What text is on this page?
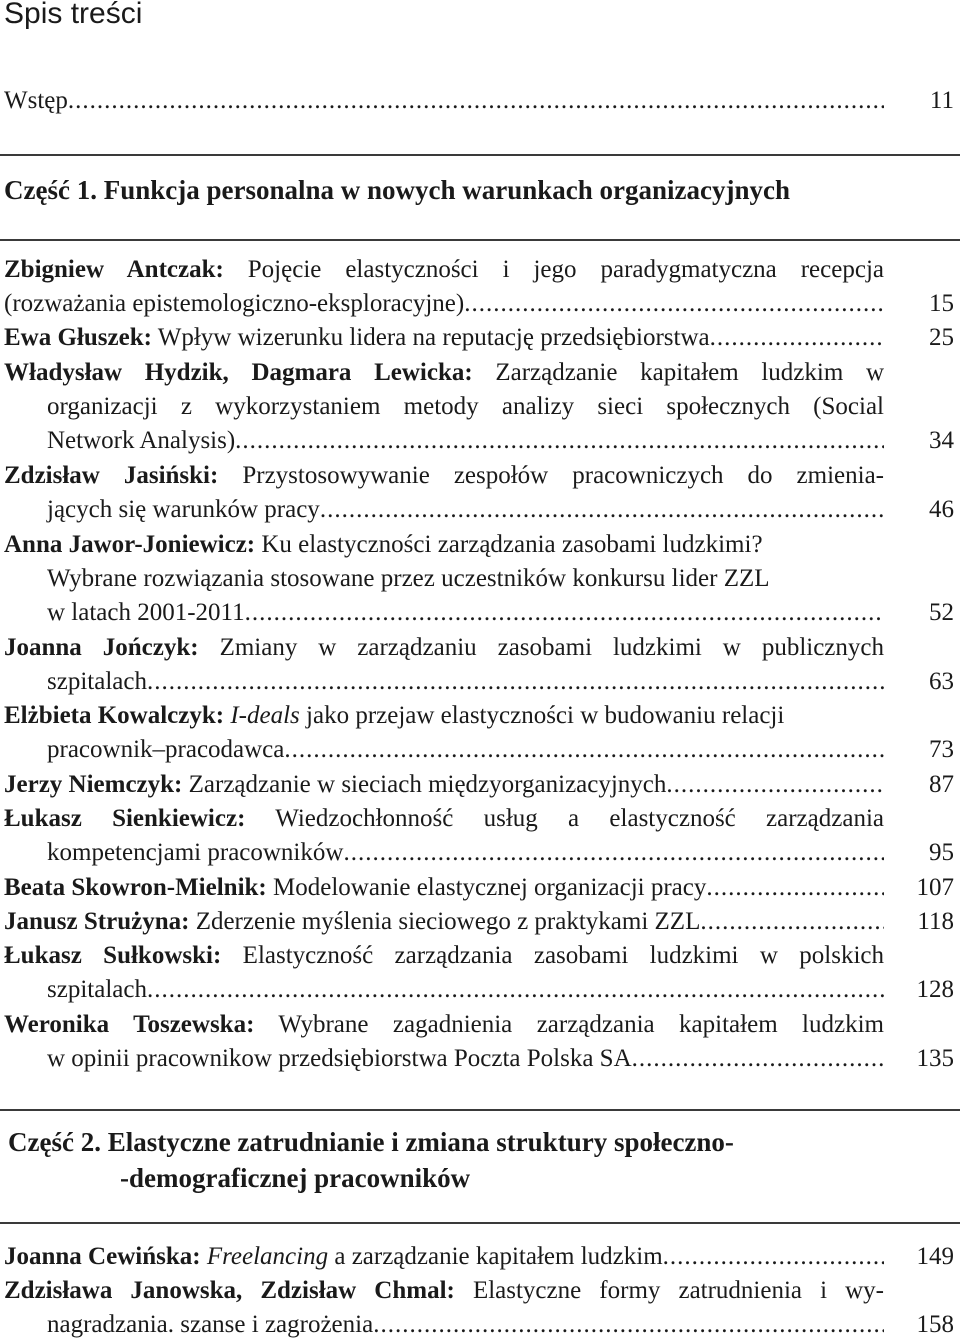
Spis treści
Wstęp .....	11
Część 1. Funkcja personalna w nowych warunkach organizacyjnych
Zbigniew Antczak: Pojęcie elastyczności i jego paradygmatyczna recepcja
(rozważania epistemologiczno-eksploracyjne) .....	15
Ewa Głuszek: Wpływ wizerunku lidera na reputację przedsiębiorstwa .....	25
Władysław Hydzik, Dagmara Lewicka: Zarządzanie kapitałem ludzkim w
organizacji z wykorzystaniem metody analizy sieci społecznych (Social
Network Analysis) .....	34
Zdzisław Jasiński: Przystosowywanie zespołów pracowniczych do zmienia-
jących się warunków pracy .....	46
Anna Jawor-Joniewicz: Ku elastyczności zarządzania zasobami ludzkimi?
Wybrane rozwiązania stosowane przez uczestników konkursu lider ZZL
w latach 2001-2011 .....	52
Joanna Jończyk: Zmiany w zarządzaniu zasobami ludzkimi w publicznych
szpitalach .....	63
Elżbieta Kowalczyk: I-deals jako przejaw elastyczności w budowaniu relacji
pracownik–pracodawca .....	73
Jerzy Niemczyk: Zarządzanie w sieciach międzyorganizacyjnych .....	87
Łukasz Sienkiewicz: Wiedzochłonność usług a elastyczność zarządzania
kompetencjami pracowników .....	95
Beata Skowron-Mielnik: Modelowanie elastycznej organizacji pracy .....	107
Janusz Strużyna: Zderzenie myślenia sieciowego z praktykami ZZL .....	118
Łukasz Sułkowski: Elastyczność zarządzania zasobami ludzkimi w polskich
szpitalach .....	128
Weronika Toszewska: Wybrane zagadnienia zarządzania kapitałem ludzkim
w opinii pracownikow przedsiębiorstwa Poczta Polska SA .....	135
Część 2. Elastyczne zatrudnianie i zmiana struktury społeczno-
-demograficznej pracowników
Joanna Cewińska: Freelancing a zarządzanie kapitałem ludzkim .....	149
Zdzisława Janowska, Zdzisław Chmal: Elastyczne formy zatrudnienia i wy-
nagradzania. szanse i zagrożenia .....	158
